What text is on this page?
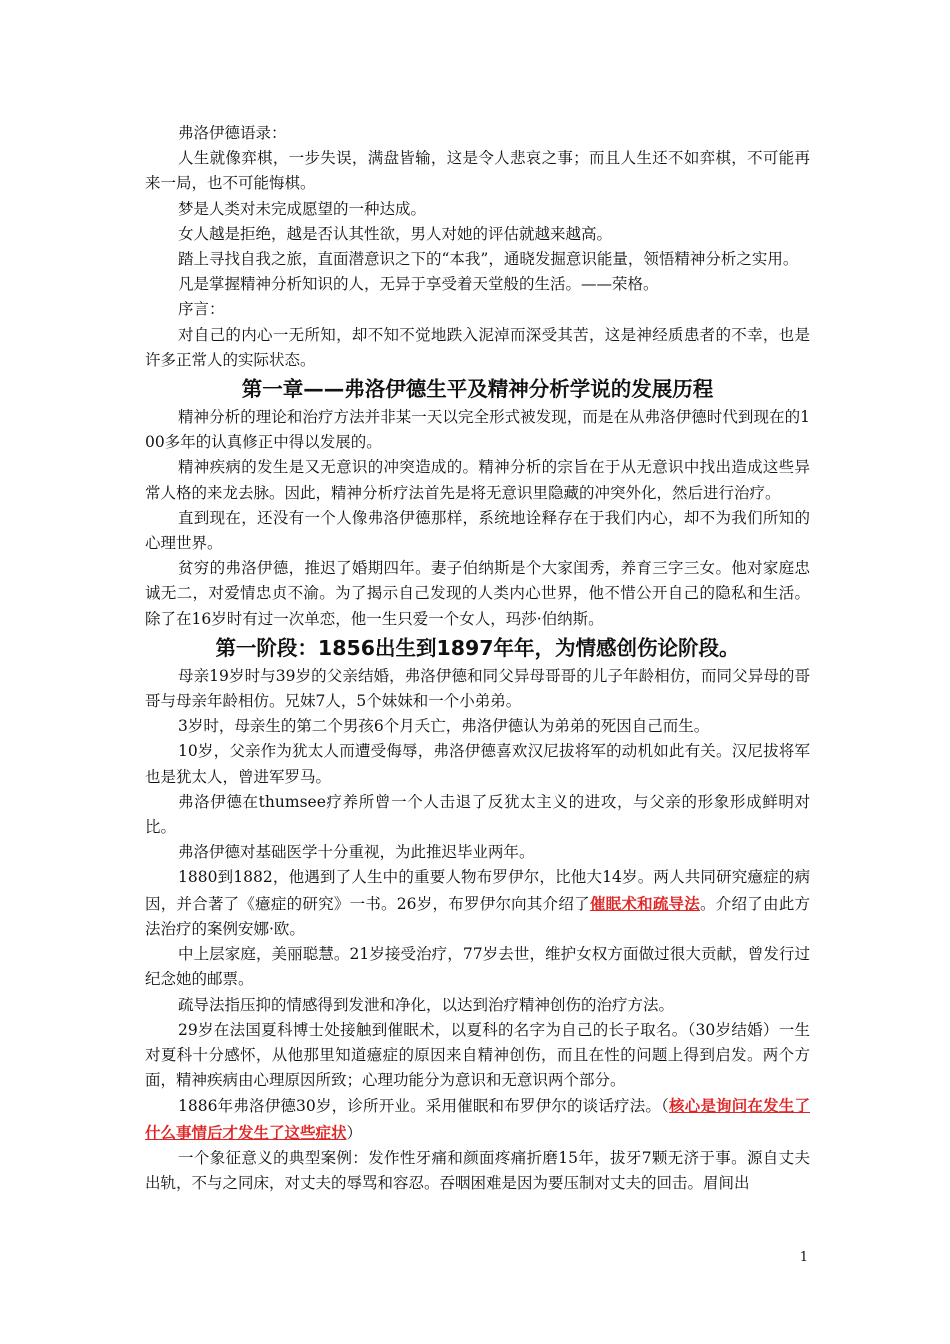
弗洛伊德语录：

人生就像弈棋，一步失误，满盘皆输，这是令人悲哀之事；而且人生还不如弈棋，不可能再来一局，也不可能悔棋。

梦是人类对未完成愿望的一种达成。

女人越是拒绝，越是否认其性欲，男人对她的评估就越来越高。

踏上寻找自我之旅，直面潜意识之下的“本我”，通晓发掘意识能量，领悟精神分析之实用。

凡是掌握精神分析知识的人，无异于享受着天堂般的生活。——荣格。

序言：

对自己的内心一无所知，却不知不觉地跌入泥淖而深受其苦，这是神经质患者的不幸，也是许多正常人的实际状态。

第一章——弗洛伊德生平及精神分析学说的发展历程

精神分析的理论和治疗方法并非某一天以完全形式被发现，而是在从弗洛伊德时代到现在的100多年的认真修正中得以发展的。

精神疾病的发生是又无意识的冲突造成的。精神分析的宗旨在于从无意识中找出造成这些异常人格的来龙去脉。因此，精神分析疗法首先是将无意识里隐藏的冲突外化，然后进行治疗。

直到现在，还没有一个人像弗洛伊德那样，系统地诠释存在于我们内心，却不为我们所知的心理世界。

贫穷的弗洛伊德，推迟了婚期四年。妻子伯纳斯是个大家闺秀，养育三字三女。他对家庭忠诚无二，对爱情忠贞不渝。为了揭示自己发现的人类内心世界，他不惜公开自己的隐私和生活。除了在16岁时有过一次单恋，他一生只爱一个女人，玛莎·伯纳斯。

第一阶段：1856出生到1897年年，为情感创伤论阶段。

母亲19岁时与39岁的父亲结婚，弗洛伊德和同父异母哥哥的儿子年龄相仿，而同父异母的哥哥与母亲年龄相仿。兄妹7人，5个妹妹和一个小弟弟。

3岁时，母亲生的第二个男孩6个月夭亡，弗洛伊德认为弟弟的死因自己而生。

10岁，父亲作为犹太人而遭受侮辱，弗洛伊德喜欢汉尼拔将军的动机如此有关。汉尼拔将军也是犹太人，曾进军罗马。

弗洛伊德在thumsee疗养所曾一个人击退了反犹太主义的进攻，与父亲的形象形成鲜明对比。

弗洛伊德对基础医学十分重视，为此推迟毕业两年。

1880到1882，他遇到了人生中的重要人物布罗伊尔，比他大14岁。两人共同研究癔症的病因，并合著了《癔症的研究》一书。26岁，布罗伊尔向其介绍了催眠术和疏导法。介绍了由此方法治疗的案例安娜·欧。

中上层家庭，美丽聪慧。21岁接受治疗，77岁去世，维护女权方面做过很大贡献，曾发行过纪念她的邮票。

疏导法指压抑的情感得到发泄和净化，以达到治疗精神创伤的治疗方法。

29岁在法国夏科博士处接触到催眠术，以夏科的名字为自己的长子取名。（30岁结婚）一生对夏科十分感怀，从他那里知道癔症的原因来自精神创伤，而且在性的问题上得到启发。两个方面，精神疾病由心理原因所致；心理功能分为意识和无意识两个部分。

1886年弗洛伊德30岁，诊所开业。采用催眠和布罗伊尔的谈话疗法。（核心是询问在发生了什么事情后才发生了这些症状）

一个象征意义的典型案例：发作性牙痛和颜面疼痛折磨15年，拔牙7颗无济于事。源自丈夫出轨，不与之同床，对丈夫的辱骂和容忍。吞咽困难是因为要压制对丈夫的回击。眉间出

1
